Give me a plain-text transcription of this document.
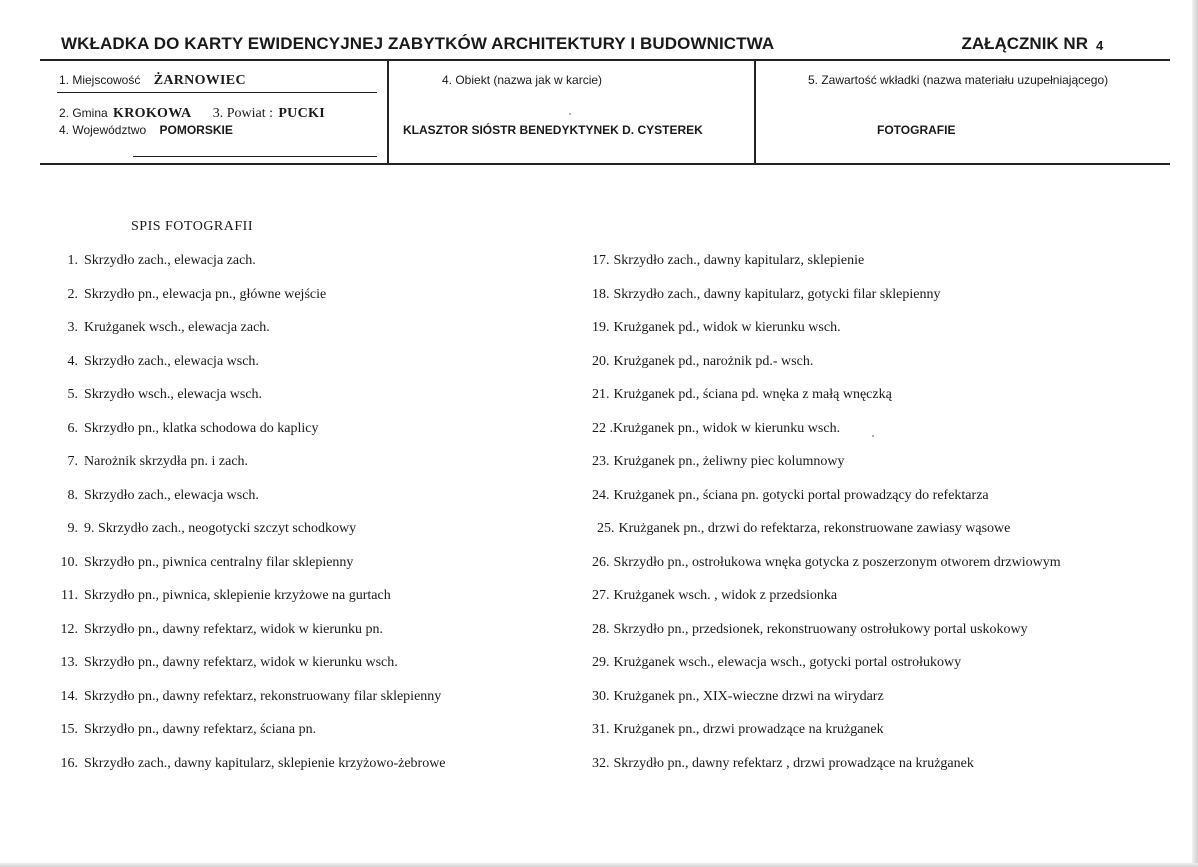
WKŁADKA DO KARTY EWIDENCYJNEJ ZABYTKÓW ARCHITEKTURY I BUDOWNICTWA	ZAŁĄCZNIK NR 4
1. Miejscowość ŻARNOWIEC
2. Gmina KROKOWA 3. Powiat : PUCKI
4. Województwo POMORSKIE
4. Obiekt (nazwa jak w karcie)
KLASZTOR SIÓSTR BENEDYKTYNEK D. CYSTEREK
5. Zawartość wkładki (nazwa materiału uzupełniającego)
FOTOGRAFIE
SPIS FOTOGRAFII
1. Skrzydło zach., elewacja zach.
2. Skrzydło pn., elewacja pn., główne wejście
3. Krużganek wsch., elewacja zach.
4. Skrzydło zach., elewacja wsch.
5. Skrzydło wsch., elewacja wsch.
6. Skrzydło pn., klatka schodowa do kaplicy
7. Narożnik skrzydła pn. i zach.
8. Skrzydło zach., elewacja wsch.
9. 9. Skrzydło zach., neogotycki szczyt schodkowy
10. Skrzydło pn., piwnica centralny filar sklepienny
11. Skrzydło pn., piwnica, sklepienie krzyżowe na gurtach
12. Skrzydło pn., dawny refektarz, widok w kierunku pn.
13. Skrzydło pn., dawny refektarz, widok w kierunku wsch.
14. Skrzydło pn., dawny refektarz, rekonstruowany filar sklepienny
15. Skrzydło pn., dawny refektarz, ściana pn.
16. Skrzydło zach., dawny kapitularz, sklepienie krzyżowo-żebrowe
17. Skrzydło zach., dawny kapitularz, sklepienie
18. Skrzydło zach., dawny kapitularz, gotycki filar sklepienny
19. Krużganek pd., widok w kierunku wsch.
20. Krużganek pd., narożnik pd.- wsch.
21. Krużganek pd., ściana pd. wnęka z małą wnęczką
22 .Krużganek pn., widok w kierunku wsch.
23. Krużganek pn., żeliwny piec kolumnowy
24. Krużganek pn., ściana pn. gotycki portal prowadzący do refektarza
25. Krużganek pn., drzwi do refektarza, rekonstruowane zawiasy wąsowe
26. Skrzydło pn., ostrołukowa wnęka gotycka z poszerzonym otworem drzwiowym
27. Krużganek wsch. , widok z przedsionka
28. Skrzydło pn., przedsionek, rekonstruowany ostrołukowy portal uskokowy
29. Krużganek wsch., elewacja wsch., gotycki portal ostrołukowy
30. Krużganek pn., XIX-wieczne drzwi na wirydarz
31. Krużganek pn., drzwi prowadzące na krużganek
32. Skrzydło pn., dawny refektarz , drzwi prowadzące na krużganek
